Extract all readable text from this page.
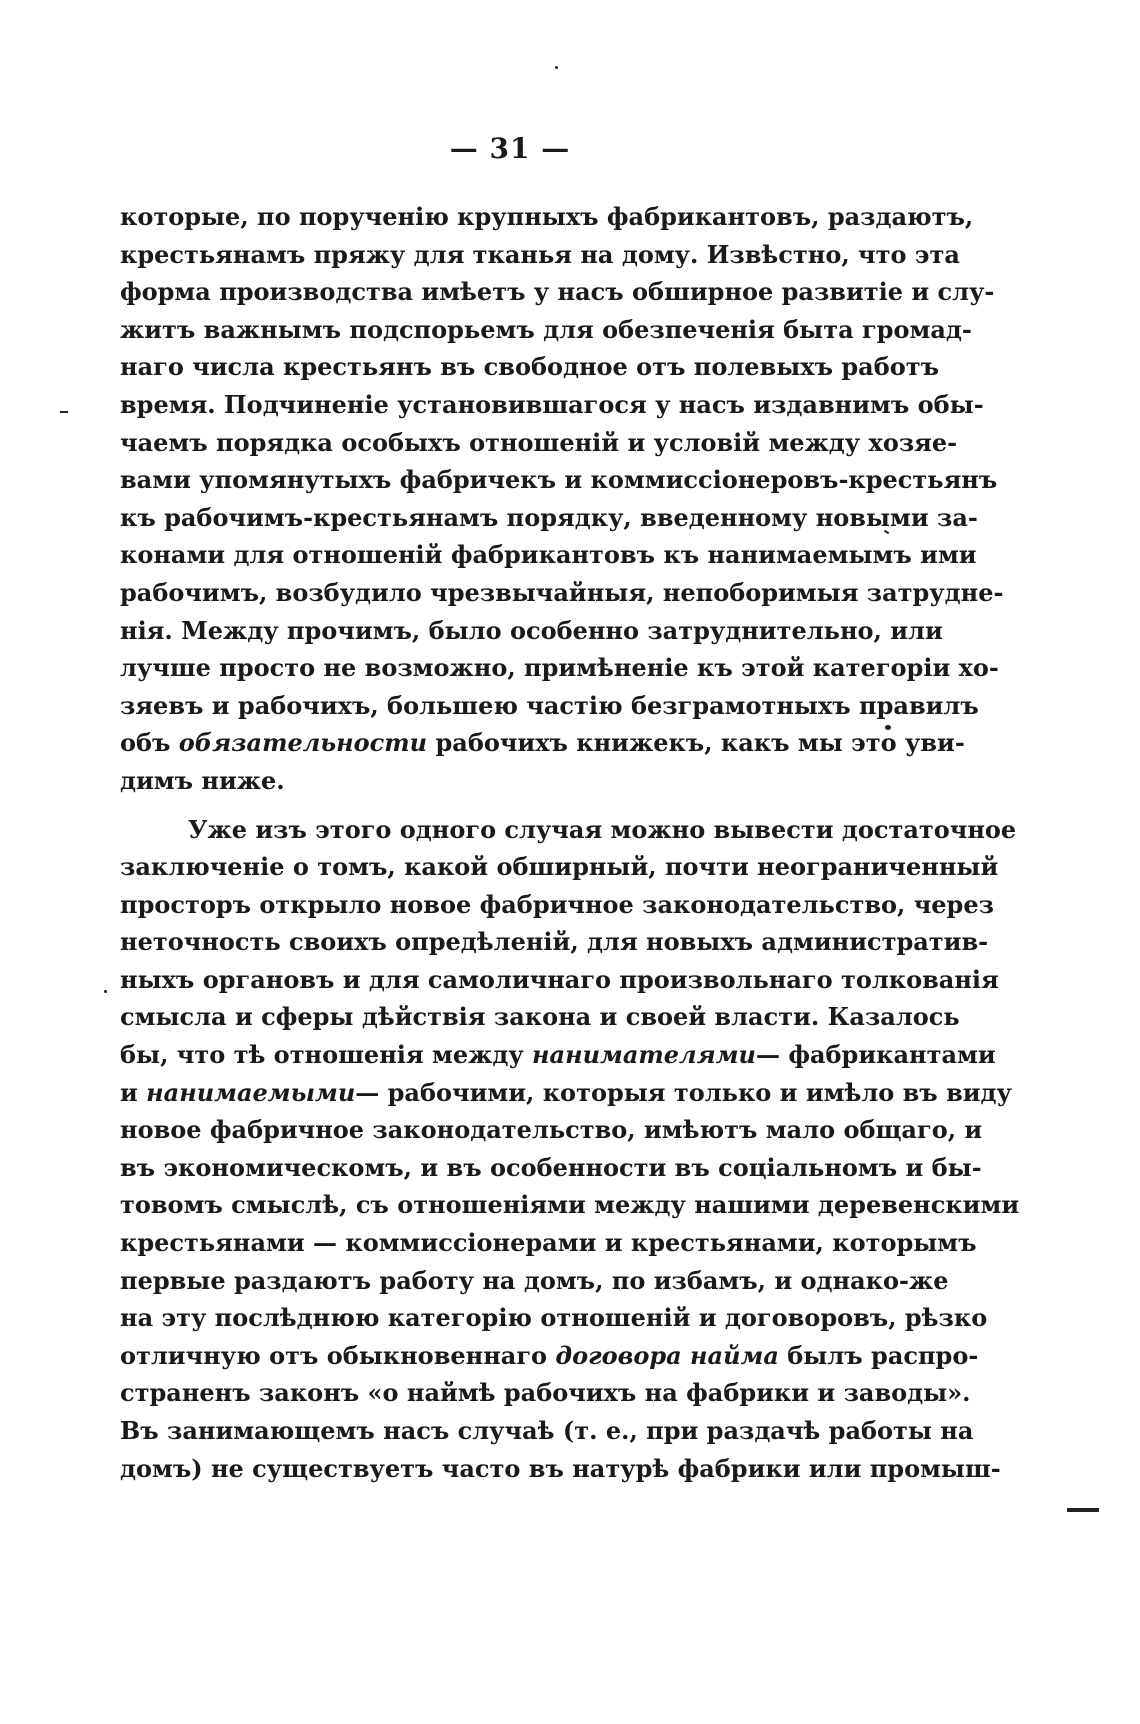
— 31 —
которые, по порученію крупныхъ фабрикантовъ, раздаютъ,
крестьянамъ пряжу для тканья на дому. Извѣстно, что эта
форма производства имѣетъ у насъ обширное развитіе и слу-
житъ важнымъ подспорьемъ для обезпеченія быта громад-
наго числа крестьянъ въ свободное отъ полевыхъ работъ
время. Подчиненіе установившагося у насъ издавнимъ обы-
чаемъ порядка особыхъ отношеній и условій между хозяе-
вами упомянутыхъ фабричекъ и коммиссіонеровъ-крестьянъ
къ рабочимъ-крестьянамъ порядку, введенному новыми за-
конами для отношеній фабрикантовъ къ нанимаемымъ ими
рабочимъ, возбудило чрезвычайныя, непоборимыя затрудне-
нія. Между прочимъ, было особенно затруднительно, или
лучше просто не возможно, примѣненіе къ этой категоріи хо-
зяевъ и рабочихъ, большею частію безграмотныхъ правилъ
объ обязательности рабочихъ книжекъ, какъ мы это уви-
димъ ниже.
Уже изъ этого одного случая можно вывести достаточное
заключеніе о томъ, какой обширный, почти неограниченный
просторъ открыло новое фабричное законодательство, через
неточность своихъ опредѣленій, для новыхъ административ-
ныхъ органовъ и для самоличнаго произвольнаго толкованія
смысла и сферы дѣйствія закона и своей власти. Казалось
бы, что тѣ отношенія между нанимателями— фабрикантами
и нанимаемыми— рабочими, которыя только и имѣло въ виду
новое фабричное законодательство, имѣютъ мало общаго, и
въ экономическомъ, и въ особенности въ соціальномъ и бы-
товомъ смыслѣ, съ отношеніями между нашими деревенскими
крестьянами — коммиссіонерами и крестьянами, которымъ
первые раздаютъ работу на домъ, по избамъ, и однако-же
на эту послѣднюю категорію отношеній и договоровъ, рѣзко
отличную отъ обыкновеннаго договора найма былъ распро-
страненъ законъ «о наймѣ рабочихъ на фабрики и заводы».
Въ занимающемъ насъ случаѣ (т. е., при раздачѣ работы на
домъ) не существуетъ часто въ натурѣ фабрики или промыш-
